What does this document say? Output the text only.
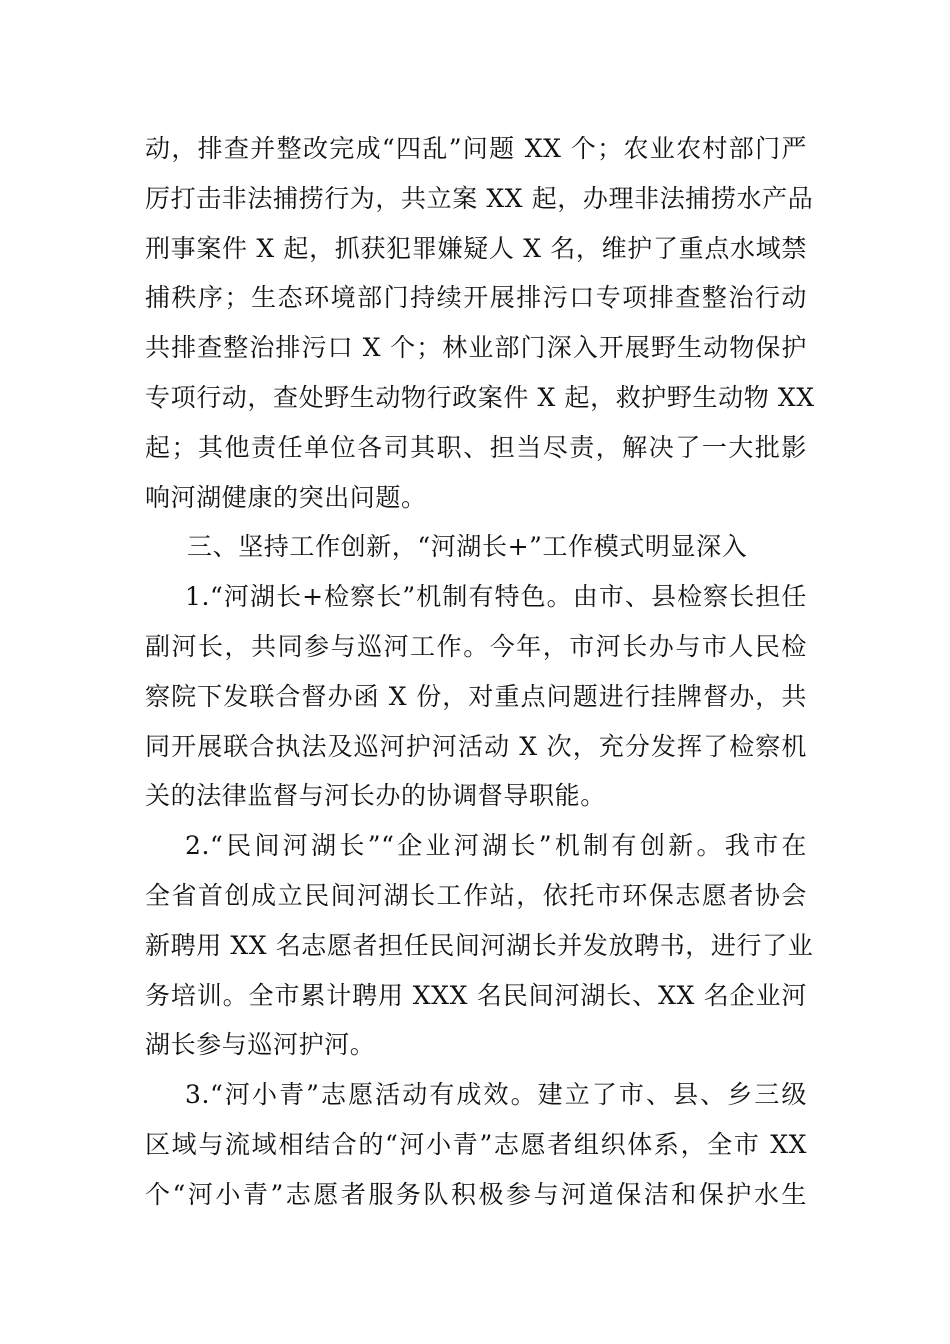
动，排查并整改完成“四乱”问题 XX 个；农业农村部门严
厉打击非法捕捞行为，共立案 XX 起，办理非法捕捞水产品
刑事案件 X 起，抓获犯罪嫌疑人 X 名，维护了重点水域禁
捕秩序；生态环境部门持续开展排污口专项排查整治行动
共排查整治排污口 X 个；林业部门深入开展野生动物保护
专项行动，查处野生动物行政案件 X 起，救护野生动物 XX
起；其他责任单位各司其职、担当尽责，解决了一大批影
响河湖健康的突出问题。
三、坚持工作创新，“河湖长+”工作模式明显深入
1.“河湖长+检察长”机制有特色。由市、县检察长担任
副河长，共同参与巡河工作。今年，市河长办与市人民检
察院下发联合督办函 X 份，对重点问题进行挂牌督办，共
同开展联合执法及巡河护河活动 X 次，充分发挥了检察机
关的法律监督与河长办的协调督导职能。
2.“民间河湖长”“企业河湖长”机制有创新。我市在
全省首创成立民间河湖长工作站，依托市环保志愿者协会
新聘用 XX 名志愿者担任民间河湖长并发放聘书，进行了业
务培训。全市累计聘用 XXX 名民间河湖长、XX 名企业河
湖长参与巡河护河。
3.“河小青”志愿活动有成效。建立了市、县、乡三级
区域与流域相结合的“河小青”志愿者组织体系，全市 XX
个“河小青”志愿者服务队积极参与河道保洁和保护水生
